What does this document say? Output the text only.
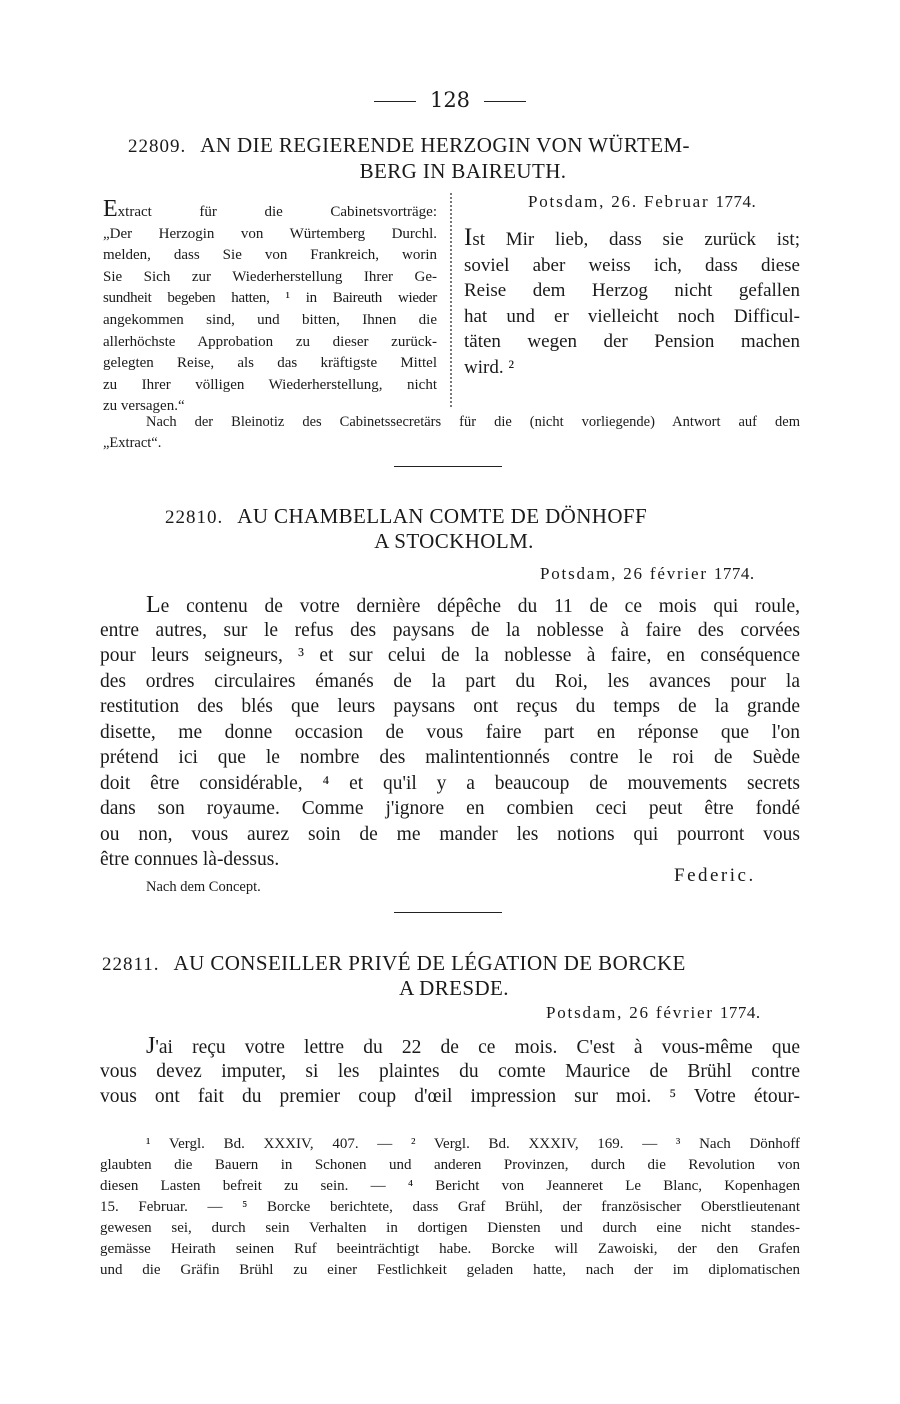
128
22809. AN DIE REGIERENDE HERZOGIN VON WÜRTEM-
BERG IN BAIREUTH.
Extract für die Cabinetsvorträge:
„Der Herzogin von Würtemberg Durchl.
melden, dass Sie von Frankreich, worin
Sie Sich zur Wiederherstellung Ihrer Ge-
sundheit begeben hatten, ¹ in Baireuth wieder
angekommen sind, und bitten, Ihnen die
allerhöchste Approbation zu dieser zurück-
gelegten Reise, als das kräftigste Mittel
zu Ihrer völligen Wiederherstellung, nicht
zu versagen.“
Potsdam, 26. Februar 1774.
Ist Mir lieb, dass sie zurück ist;
soviel aber weiss ich, dass diese
Reise dem Herzog nicht gefallen
hat und er vielleicht noch Difficul-
täten wegen der Pension machen
wird. ²
Nach der Bleinotiz des Cabinetssecretärs für die (nicht vorliegende) Antwort auf dem
„Extract“.
22810. AU CHAMBELLAN COMTE DE DÖNHOFF
A STOCKHOLM.
Potsdam, 26 février 1774.
Le contenu de votre dernière dépêche du 11 de ce mois qui roule,
entre autres, sur le refus des paysans de la noblesse à faire des corvées
pour leurs seigneurs, ³ et sur celui de la noblesse à faire, en conséquence
des ordres circulaires émanés de la part du Roi, les avances pour la
restitution des blés que leurs paysans ont reçus du temps de la grande
disette, me donne occasion de vous faire part en réponse que l'on
prétend ici que le nombre des malintentionnés contre le roi de Suède
doit être considérable, ⁴ et qu'il y a beaucoup de mouvements secrets
dans son royaume. Comme j'ignore en combien ceci peut être fondé
ou non, vous aurez soin de me mander les notions qui pourront vous
être connues là-dessus.
Federic.
Nach dem Concept.
22811. AU CONSEILLER PRIVÉ DE LÉGATION DE BORCKE
A DRESDE.
Potsdam, 26 février 1774.
J'ai reçu votre lettre du 22 de ce mois. C'est à vous-même que
vous devez imputer, si les plaintes du comte Maurice de Brühl contre
vous ont fait du premier coup d'œil impression sur moi. ⁵ Votre étour-
¹ Vergl. Bd. XXXIV, 407. — ² Vergl. Bd. XXXIV, 169. — ³ Nach Dönhoff
glaubten die Bauern in Schonen und anderen Provinzen, durch die Revolution von
diesen Lasten befreit zu sein. — ⁴ Bericht von Jeanneret Le Blanc, Kopenhagen
15. Februar. — ⁵ Borcke berichtete, dass Graf Brühl, der französischer Oberstlieutenant
gewesen sei, durch sein Verhalten in dortigen Diensten und durch eine nicht standes-
gemässe Heirath seinen Ruf beeinträchtigt habe. Borcke will Zawoiski, der den Grafen
und die Gräfin Brühl zu einer Festlichkeit geladen hatte, nach der im diplomatischen
